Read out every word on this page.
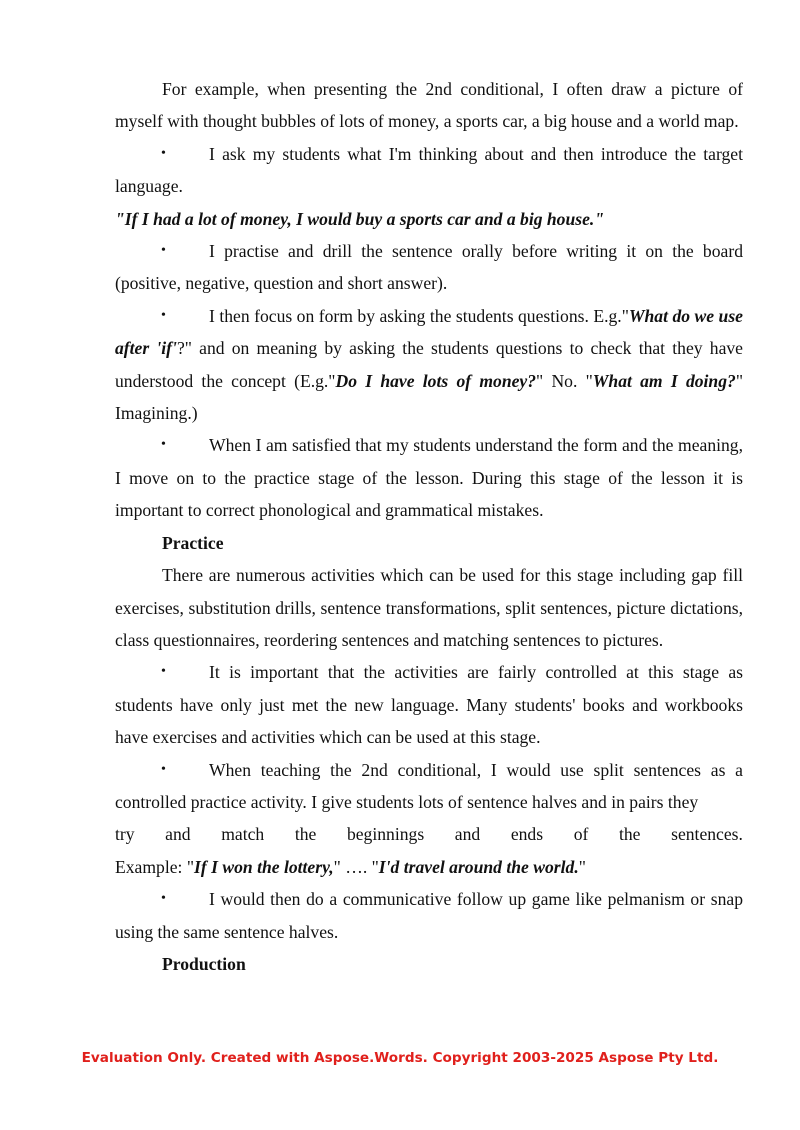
For example, when presenting the 2nd conditional, I often draw a picture of myself with thought bubbles of lots of money, a sports car, a big house and a world map.

• I ask my students what I'm thinking about and then introduce the target language.

"If I had a lot of money, I would buy a sports car and a big house."

• I practise and drill the sentence orally before writing it on the board (positive, negative, question and short answer).

• I then focus on form by asking the students questions. E.g."What do we use after 'if'?" and on meaning by asking the students questions to check that they have understood the concept (E.g."Do I have lots of money?" No. "What am I doing?" Imagining.)

• When I am satisfied that my students understand the form and the meaning, I move on to the practice stage of the lesson. During this stage of the lesson it is important to correct phonological and grammatical mistakes.

Practice

There are numerous activities which can be used for this stage including gap fill exercises, substitution drills, sentence transformations, split sentences, picture dictations, class questionnaires, reordering sentences and matching sentences to pictures.

• It is important that the activities are fairly controlled at this stage as students have only just met the new language. Many students' books and workbooks have exercises and activities which can be used at this stage.

• When teaching the 2nd conditional, I would use split sentences as a controlled practice activity. I give students lots of sentence halves and in pairs they

try and match the beginnings and ends of the sentences.

Example: "If I won the lottery," …. "I'd travel around the world."

• I would then do a communicative follow up game like pelmanism or snap using the same sentence halves.

Production

Evaluation Only. Created with Aspose.Words. Copyright 2003-2025 Aspose Pty Ltd.
